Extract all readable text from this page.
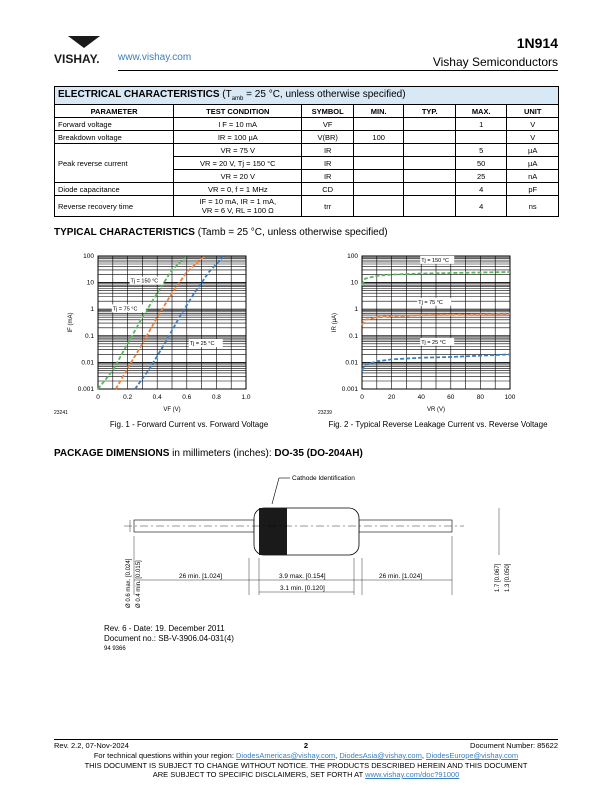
VISHAY. www.vishay.com
1N914
Vishay Semiconductors
ELECTRICAL CHARACTERISTICS ($T_{amb} = 25$ °C, unless otherwise specified)						
PARAMETER	TEST CONDITION	SYMBOL	MIN.	TYP.	MAX.	UNIT
Forward voltage	I F = 10 mA	VF			1	V
Breakdown voltage	IR = 100 µA	V(BR)	100			V
Peak reverse current	VR = 75 V	IR			5	µA
	VR = 20 V, Tj = 150 °C	IR			50	µA
	VR = 20 V	IR			25	nA
Diode capacitance	VR = 0, f = 1 MHz	CD			4	pF
Reverse recovery time	IF = 10 mA, IR = 1 mA,
VR = 6 V, RL = 100 Ω	trr			4	ns
TYPICAL CHARACTERISTICS (Tamb = 25 °C, unless otherwise specified)
100
10
1
0.1
0.01
0.001
0	0.2	0.4	0.6	0.8	1.0
VF (V)
IF (mA)
23241
Tj = 150 °C
Tj = 75 °C
Tj = 25 °C
Fig. 1 - Forward Current vs. Forward Voltage
100
10
1
0.1
0.01
0.001
0	20	40	60	80	100
VR (V)
IR (µA)
23239
Tj = 150 °C
Tj = 75 °C
Tj = 25 °C
Fig. 2 - Typical Reverse Leakage Current vs. Reverse Voltage
PACKAGE DIMENSIONS in millimeters (inches): DO-35 (DO-204AH)
Cathode Identification
26 min. [1.024]	3.9 max. [0.154]	26 min. [1.024]
3.1 min. [0.120]
Ø 0.6 max. [0.024] Ø 0.4 min. [0.015]	1.7 [0.067] 1.3 [0.050]
Rev. 6 - Date: 19. December 2011
Document no.: SB-V-3906.04-031(4)
94 9366
Rev. 2.2, 07-Nov-2024	2	Document Number: 85622
For technical questions within your region: DiodesAmericas@vishay.com, DiodesAsia@vishay.com, DiodesEurope@vishay.com
THIS DOCUMENT IS SUBJECT TO CHANGE WITHOUT NOTICE. THE PRODUCTS DESCRIBED HEREIN AND THIS DOCUMENT
ARE SUBJECT TO SPECIFIC DISCLAIMERS, SET FORTH AT www.vishay.com/doc?91000
